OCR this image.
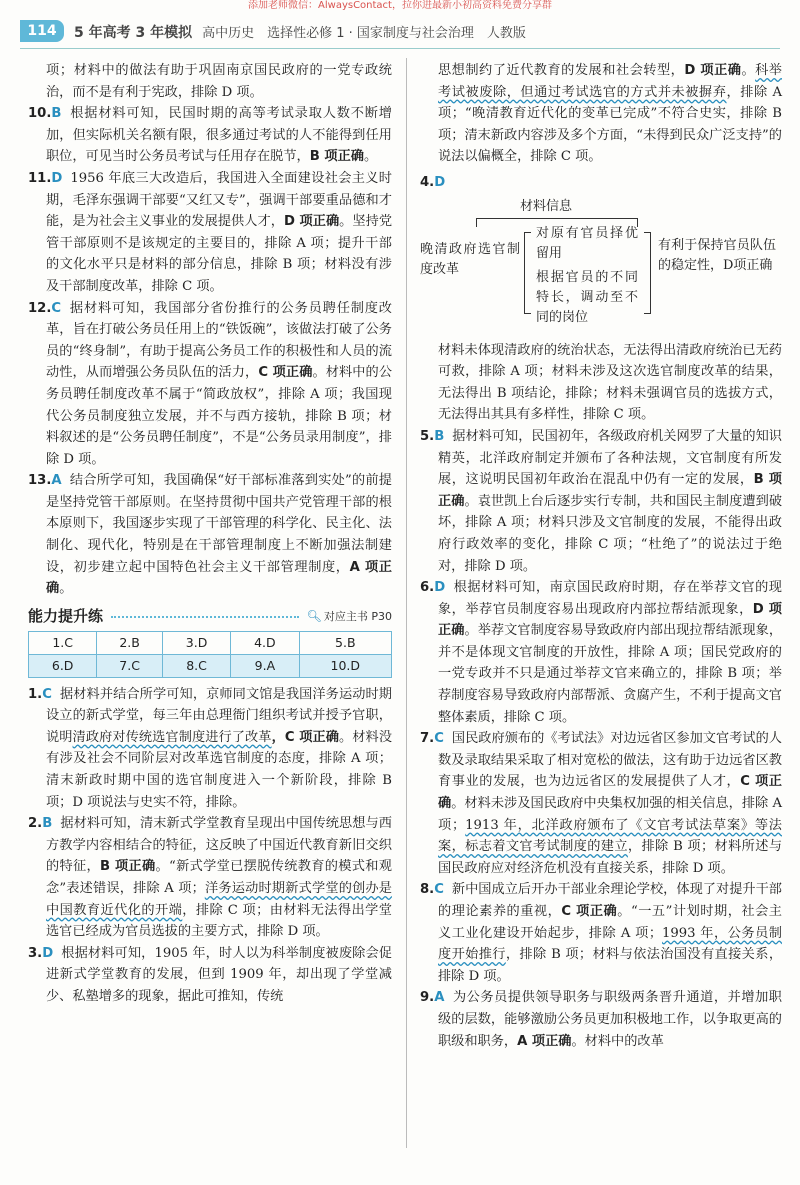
添加老师微信：AlwaysContact，拉你进最新小初高资料免费分享群
114	5 年高考 3 年模拟 高中历史　选择性必修 1 · 国家制度与社会治理　人教版

项；材料中的做法有助于巩固南京国民政府的一党专政统治，而不是有利于宪政，排除 D 项。

10.B 根据材料可知，民国时期的高等考试录取人数不断增加，但实际机关名额有限，很多通过考试的人不能得到任用职位，可见当时公务员考试与任用存在脱节，B 项正确。

11.D 1956 年底三大改造后，我国进入全面建设社会主义时期，毛泽东强调干部要“又红又专”，强调干部要重品德和才能，是为社会主义事业的发展提供人才，D 项正确。坚持党管干部原则不是该规定的主要目的，排除 A 项；提升干部的文化水平只是材料的部分信息，排除 B 项；材料没有涉及干部制度改革，排除 C 项。

12.C 据材料可知，我国部分省份推行的公务员聘任制度改革，旨在打破公务员任用上的“铁饭碗”，该做法打破了公务员的“终身制”，有助于提高公务员工作的积极性和人员的流动性，从而增强公务员队伍的活力，C 项正确。材料中的公务员聘任制度改革不属于“简政放权”，排除 A 项；我国现代公务员制度独立发展，并不与西方接轨，排除 B 项；材料叙述的是“公务员聘任制度”，不是“公务员录用制度”，排除 D 项。

13.A 结合所学可知，我国确保“好干部标准落到实处”的前提是坚持党管干部原则。在坚持贯彻中国共产党管理干部的根本原则下，我国逐步实现了干部管理的科学化、民主化、法制化、现代化，特别是在干部管理制度上不断加强法制建设，初步建立起中国特色社会主义干部管理制度，A 项正确。

能力提升练	🔍︎ 对应主书 P30
1.C	2.B	3.D	4.D	5.B
6.D	7.C	8.C	9.A	10.D

1.C 据材料并结合所学可知，京师同文馆是我国洋务运动时期设立的新式学堂，每三年由总理衙门组织考试并授予官职，说明清政府对传统选官制度进行了改革，C 项正确。材料没有涉及社会不同阶层对改革选官制度的态度，排除 A 项；清末新政时期中国的选官制度进入一个新阶段，排除 B 项；D 项说法与史实不符，排除。

2.B 据材料可知，清末新式学堂教育呈现出中国传统思想与西方教学内容相结合的特征，这反映了中国近代教育新旧交织的特征，B 项正确。“新式学堂已摆脱传统教育的模式和观念”表述错误，排除 A 项；洋务运动时期新式学堂的创办是中国教育近代化的开端，排除 C 项；由材料无法得出学堂选官已经成为官员选拔的主要方式，排除 D 项。

3.D 根据材料可知，1905 年，时人以为科举制度被废除会促进新式学堂教育的发展，但到 1909 年，却出现了学堂减少、私塾增多的现象，据此可推知，传统

思想制约了近代教育的发展和社会转型，D 项正确。科举考试被废除，但通过考试选官的方式并未被摒弃，排除 A 项；“晚清教育近代化的变革已完成”不符合史实，排除 B 项；清末新政内容涉及多个方面，“未得到民众广泛支持”的说法以偏概全，排除 C 项。

4.D

材料信息
晚清政府选官制度改革
对原有官员择优留用
根据官员的不同特长，调动至不同的岗位
有利于保持官员队伍的稳定性，D项正确

材料未体现清政府的统治状态，无法得出清政府统治已无药可救，排除 A 项；材料未涉及这次选官制度改革的结果，无法得出 B 项结论，排除；材料未强调官员的选拔方式，无法得出其具有多样性，排除 C 项。

5.B 据材料可知，民国初年，各级政府机关网罗了大量的知识精英，北洋政府制定并颁布了各种法规，文官制度有所发展，这说明民国初年政治在混乱中仍有一定的发展，B 项正确。袁世凯上台后逐步实行专制，共和国民主制度遭到破坏，排除 A 项；材料只涉及文官制度的发展，不能得出政府行政效率的变化，排除 C 项；“杜绝了”的说法过于绝对，排除 D 项。

6.D 根据材料可知，南京国民政府时期，存在举荐文官的现象，举荐官员制度容易出现政府内部拉帮结派现象，D 项正确。举荐文官制度容易导致政府内部出现拉帮结派现象，并不是体现文官制度的开放性，排除 A 项；国民党政府的一党专政并不只是通过举荐文官来确立的，排除 B 项；举荐制度容易导致政府内部帮派、贪腐产生，不利于提高文官整体素质，排除 C 项。

7.C 国民政府颁布的《考试法》对边远省区参加文官考试的人数及录取结果采取了相对宽松的做法，这有助于边远省区教育事业的发展，也为边远省区的发展提供了人才，C 项正确。材料未涉及国民政府中央集权加强的相关信息，排除 A 项；1913 年，北洋政府颁布了《文官考试法草案》等法案，标志着文官考试制度的建立，排除 B 项；材料所述与国民政府应对经济危机没有直接关系，排除 D 项。

8.C 新中国成立后开办干部业余理论学校，体现了对提升干部的理论素养的重视，C 项正确。“一五”计划时期，社会主义工业化建设开始起步，排除 A 项；1993 年，公务员制度开始推行，排除 B 项；材料与依法治国没有直接关系，排除 D 项。

9.A 为公务员提供领导职务与职级两条晋升通道，并增加职级的层数，能够激励公务员更加积极地工作，以争取更高的职级和职务，A 项正确。材料中的改革
